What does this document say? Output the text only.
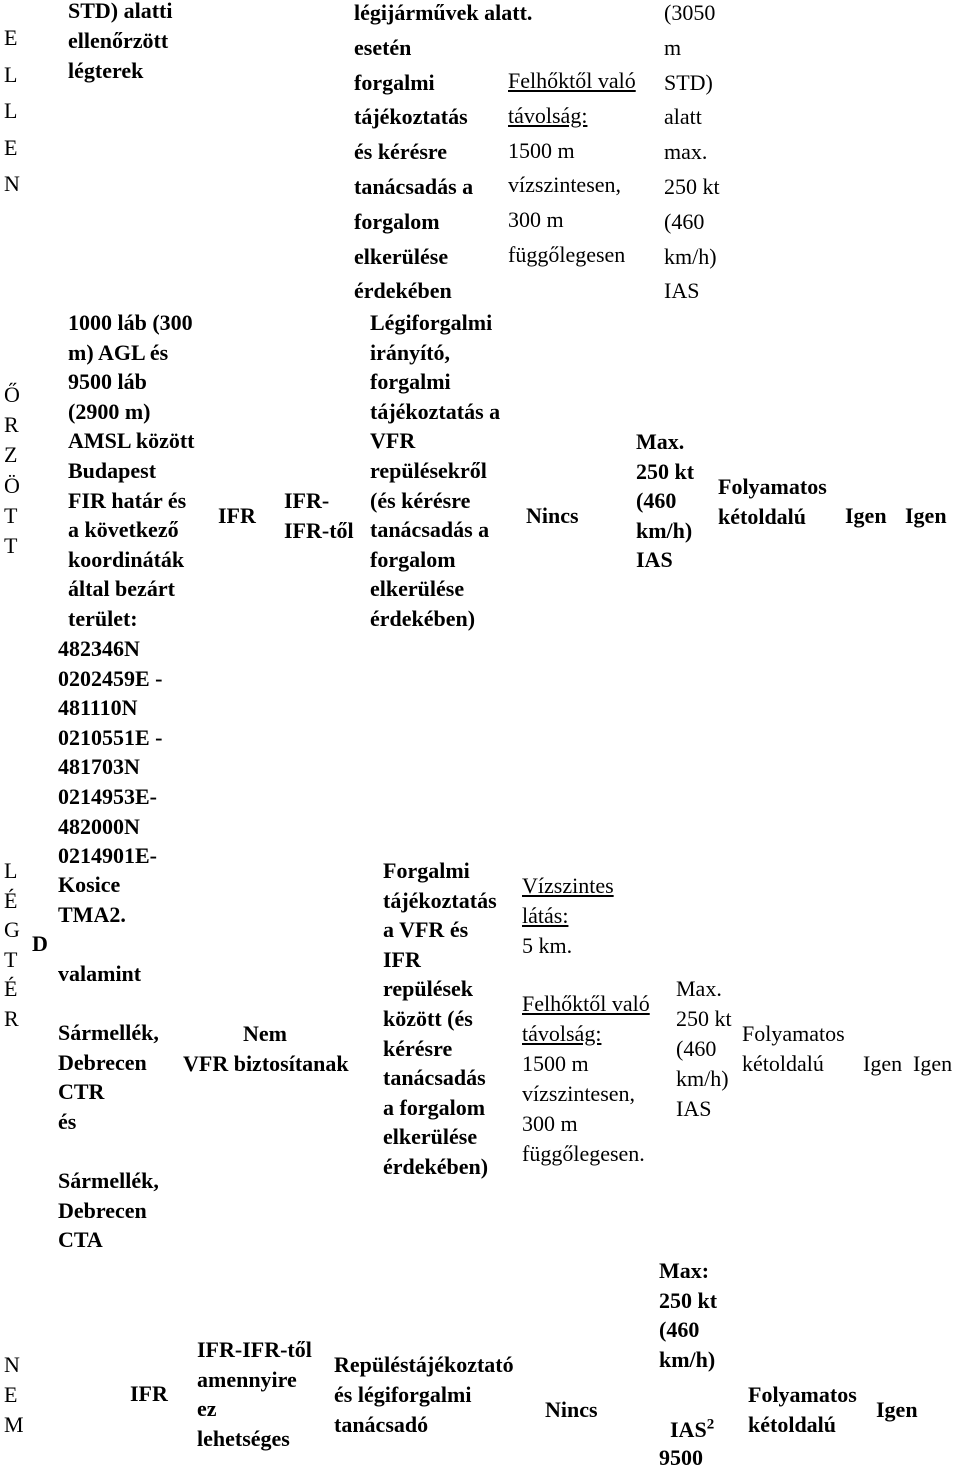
E
L
L
E
N
STD) alatti
ellenőrzött
légterek
légijárművek alatt.
esetén
forgalmi
tájékoztatás
és kérésre
tanácsadás a
forgalom
elkerülése
érdekében
Felhőktől való
távolság:
1500 m
vízszintesen,
300 m
függőlegesen
(3050
m
STD)
alatt
max.
250 kt
(460
km/h)
IAS
Ő
R
Z
Ö
T
T
1000 láb (300
m) AGL és
9500 láb
(2900 m)
AMSL között
Budapest
FIR határ és
a következő
koordináták
által bezárt
terület:
482346N
0202459E -
481110N
0210551E -
481703N
0214953E-
482000N
0214901E-
IFR
IFR-
IFR-től
Légiforgalmi
irányító,
forgalmi
tájékoztatás a
VFR
repülésekről
(és kérésre
tanácsadás a
forgalom
elkerülése
érdekében)
Nincs
Max.
250 kt
(460
km/h)
IAS
Folyamatos
kétoldalú	Igen Igen
L
É
G
T
É
R
D
Kosice
TMA2.

valamint

Sármellék,
Debrecen
CTR
és

Sármellék,
Debrecen
CTA
Nem
VFR biztosítanak
Forgalmi
tájékoztatás
a VFR és
IFR
repülések
között (és
kérésre
tanácsadás
a forgalom
elkerülése
érdekében)
Vízszintes
látás:
5 km.
Felhőktől való
távolság:
1500 m
vízszintesen,
300 m
függőlegesen.
Max.
250 kt
(460
km/h)
IAS
Folyamatos
kétoldalú	Igen Igen
N
E
M
IFR
IFR-IFR-től
amennyire
ez
lehetséges
Repüléstájékoztató
és légiforgalmi
tanácsadó
Nincs
Max:
250 kt
(460
km/h)

IAS$^2$

9500
Folyamatos
kétoldalú
Igen
